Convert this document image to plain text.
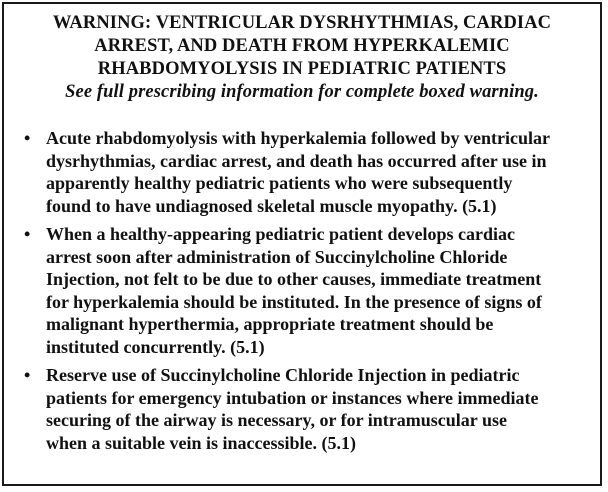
WARNING: VENTRICULAR DYSRHYTHMIAS, CARDIAC
ARREST, AND DEATH FROM HYPERKALEMIC
RHABDOMYOLYSIS IN PEDIATRIC PATIENTS
See full prescribing information for complete boxed warning.
• Acute rhabdomyolysis with hyperkalemia followed by ventricular
dysrhythmias, cardiac arrest, and death has occurred after use in
apparently healthy pediatric patients who were subsequently
found to have undiagnosed skeletal muscle myopathy. (5.1)
• When a healthy-appearing pediatric patient develops cardiac
arrest soon after administration of Succinylcholine Chloride
Injection, not felt to be due to other causes, immediate treatment
for hyperkalemia should be instituted. In the presence of signs of
malignant hyperthermia, appropriate treatment should be
instituted concurrently. (5.1)
• Reserve use of Succinylcholine Chloride Injection in pediatric
patients for emergency intubation or instances where immediate
securing of the airway is necessary, or for intramuscular use
when a suitable vein is inaccessible. (5.1)
